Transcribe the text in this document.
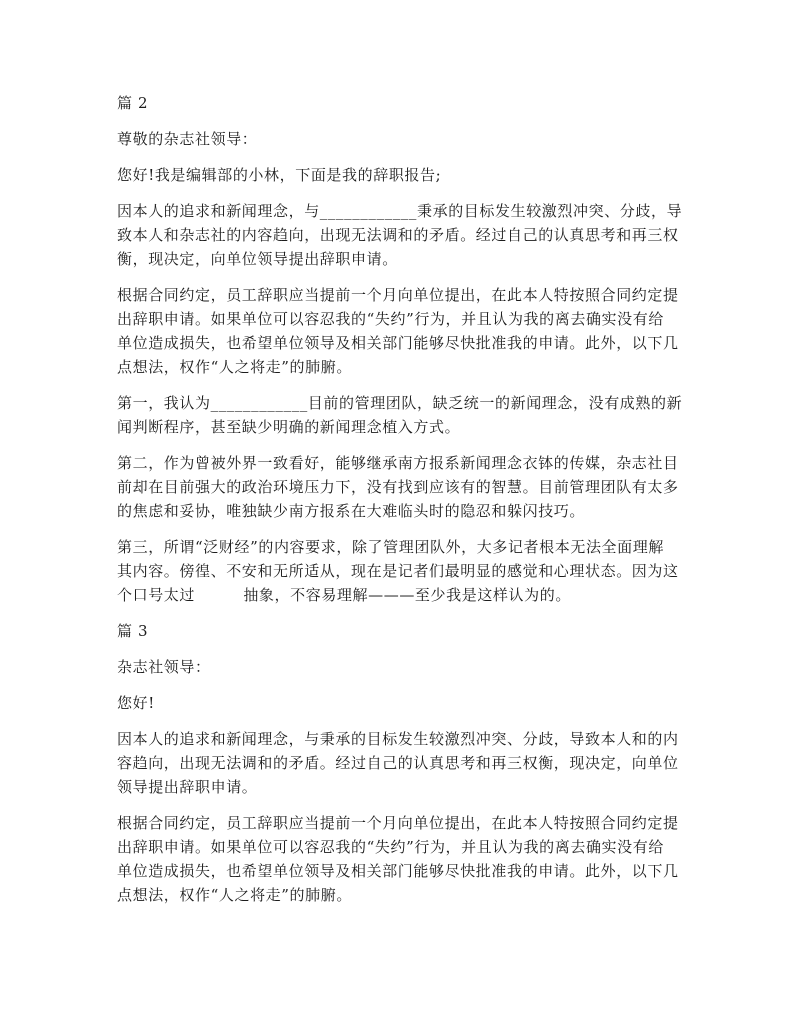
篇 2
尊敬的杂志社领导：
您好!我是编辑部的小林，下面是我的辞职报告;
因本人的追求和新闻理念，与____________秉承的目标发生较激烈冲突、分歧，导
致本人和杂志社的内容趋向，出现无法调和的矛盾。经过自己的认真思考和再三权
衡，现决定，向单位领导提出辞职申请。
根据合同约定，员工辞职应当提前一个月向单位提出，在此本人特按照合同约定提
出辞职申请。如果单位可以容忍我的“失约”行为，并且认为我的离去确实没有给
单位造成损失，也希望单位领导及相关部门能够尽快批准我的申请。此外，以下几
点想法，权作“人之将走”的肺腑。
第一，我认为____________目前的管理团队，缺乏统一的新闻理念，没有成熟的新
闻判断程序，甚至缺少明确的新闻理念植入方式。
第二，作为曾被外界一致看好，能够继承南方报系新闻理念衣钵的传媒，杂志社目
前却在目前强大的政治环境压力下，没有找到应该有的智慧。目前管理团队有太多
的焦虑和妥协，唯独缺少南方报系在大难临头时的隐忍和躲闪技巧。
第三，所谓“泛财经”的内容要求，除了管理团队外，大多记者根本无法全面理解
其内容。傍徨、不安和无所适从，现在是记者们最明显的感觉和心理状态。因为这
个口号太过         抽象，不容易理解———至少我是这样认为的。
篇 3
杂志社领导：
您好!
因本人的追求和新闻理念，与秉承的目标发生较激烈冲突、分歧，导致本人和的内
容趋向，出现无法调和的矛盾。经过自己的认真思考和再三权衡，现决定，向单位
领导提出辞职申请。
根据合同约定，员工辞职应当提前一个月向单位提出，在此本人特按照合同约定提
出辞职申请。如果单位可以容忍我的“失约”行为，并且认为我的离去确实没有给
单位造成损失，也希望单位领导及相关部门能够尽快批准我的申请。此外，以下几
点想法，权作“人之将走”的肺腑。
